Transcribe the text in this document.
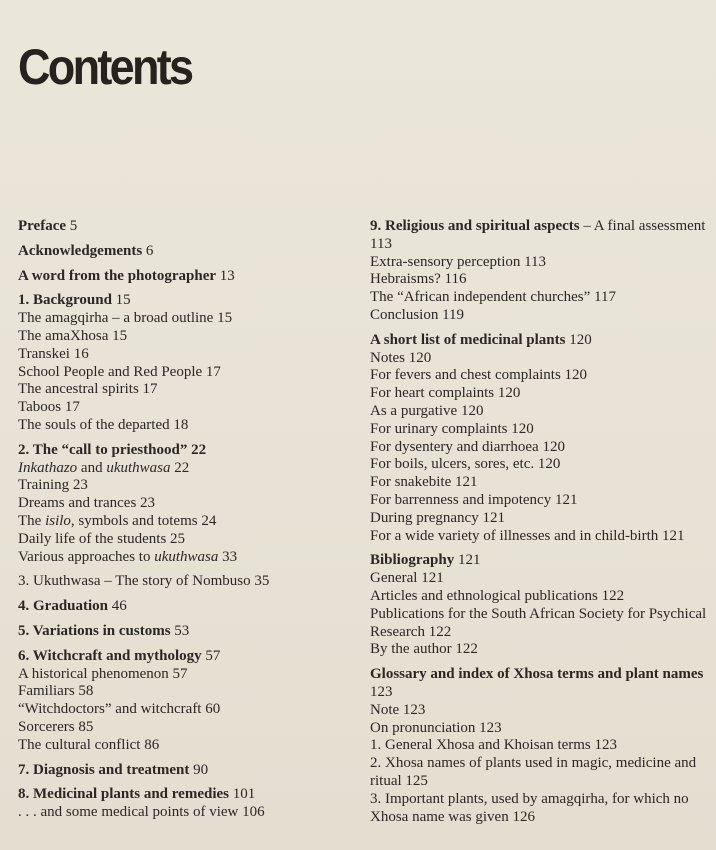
Contents
Preface 5
Acknowledgements 6
A word from the photographer 13
1. Background 15
The amagqirha – a broad outline 15
The amaXhosa 15
Transkei 16
School People and Red People 17
The ancestral spirits 17
Taboos 17
The souls of the departed 18
2. The “call to priesthood” 22
Inkathazo and ukuthwasa 22
Training 23
Dreams and trances 23
The isilo, symbols and totems 24
Daily life of the students 25
Various approaches to ukuthwasa 33
3. Ukuthwasa – The story of Nombuso 35
4. Graduation 46
5. Variations in customs 53
6. Witchcraft and mythology 57
A historical phenomenon 57
Familiars 58
“Witchdoctors” and witchcraft 60
Sorcerers 85
The cultural conflict 86
7. Diagnosis and treatment 90
8. Medicinal plants and remedies 101
. . . and some medical points of view 106
9. Religious and spiritual aspects – A final assessment 113
Extra-sensory perception 113
Hebraisms? 116
The “African independent churches” 117
Conclusion 119
A short list of medicinal plants 120
Notes 120
For fevers and chest complaints 120
For heart complaints 120
As a purgative 120
For urinary complaints 120
For dysentery and diarrhoea 120
For boils, ulcers, sores, etc. 120
For snakebite 121
For barrenness and impotency 121
During pregnancy 121
For a wide variety of illnesses and in child-birth 121
Bibliography 121
General 121
Articles and ethnological publications 122
Publications for the South African Society for Psychical Research 122
By the author 122
Glossary and index of Xhosa terms and plant names 123
Note 123
On pronunciation 123
1. General Xhosa and Khoisan terms 123
2. Xhosa names of plants used in magic, medicine and ritual 125
3. Important plants, used by amagqirha, for which no Xhosa name was given 126
